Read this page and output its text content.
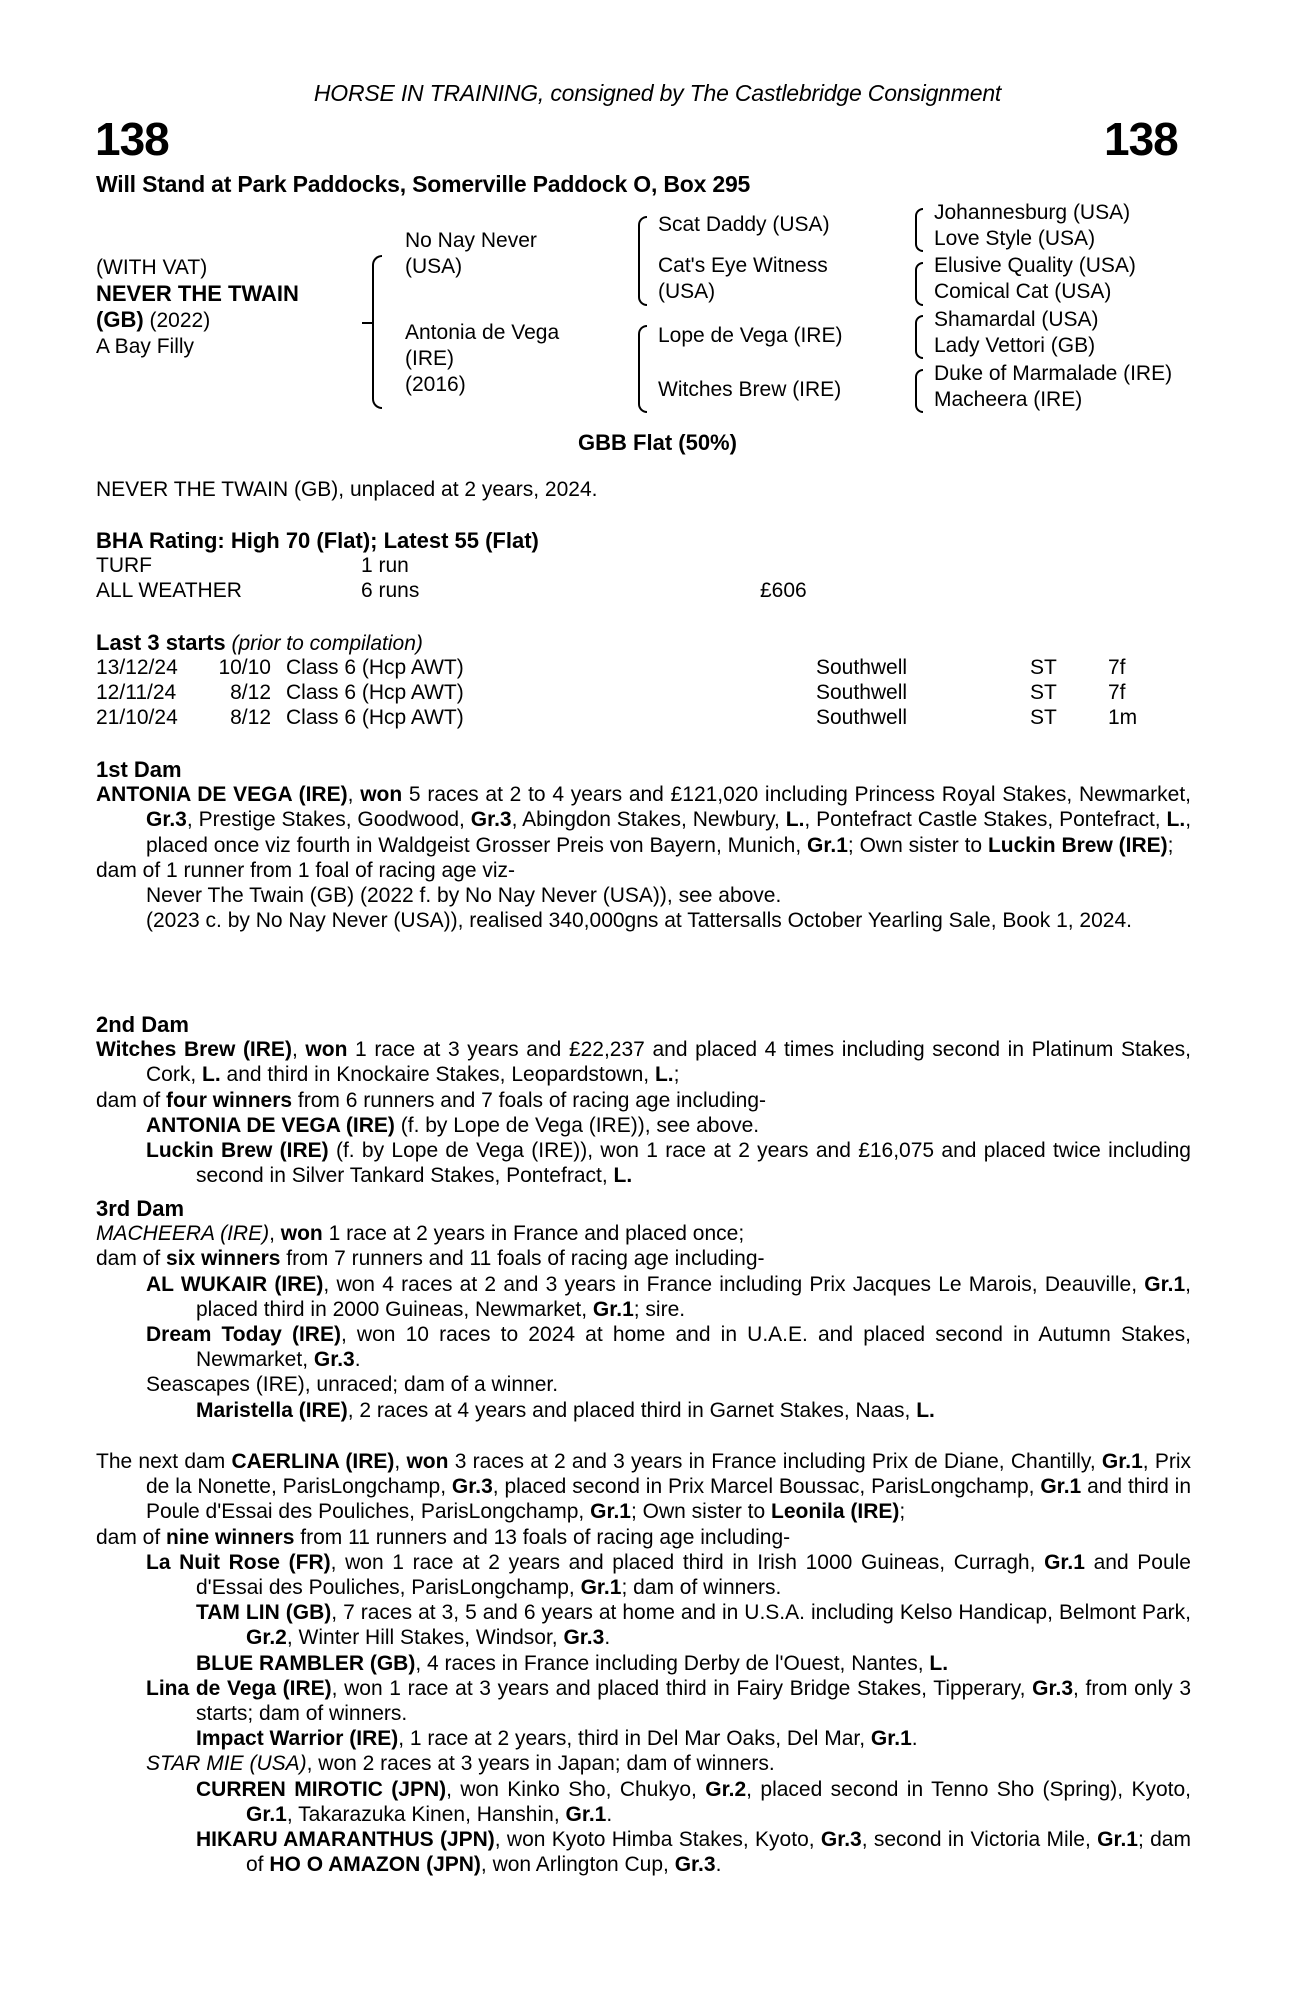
HORSE IN TRAINING, consigned by The Castlebridge Consignment
138	138
Will Stand at Park Paddocks, Somerville Paddock O, Box 295
(WITH VAT)
NEVER THE TWAIN
(GB) (2022)
A Bay Filly
No Nay Never
(USA)
Antonia de Vega
(IRE)
(2016)
Scat Daddy (USA)
Cat's Eye Witness
(USA)
Lope de Vega (IRE)
Witches Brew (IRE)
Johannesburg (USA)
Love Style (USA)
Elusive Quality (USA)
Comical Cat (USA)
Shamardal (USA)
Lady Vettori (GB)
Duke of Marmalade (IRE)
Macheera (IRE)
GBB Flat (50%)
NEVER THE TWAIN (GB), unplaced at 2 years, 2024.
BHA Rating: High 70 (Flat); Latest 55 (Flat)
TURF	1 run
ALL WEATHER	6 runs	£606
Last 3 starts (prior to compilation)
13/12/24	10/10 Class 6 (Hcp AWT)	Southwell	ST 7f
12/11/24	8/12 Class 6 (Hcp AWT)	Southwell	ST 7f
21/10/24	8/12 Class 6 (Hcp AWT)	Southwell	ST 1m
1st Dam

ANTONIA DE VEGA (IRE), won 5 races at 2 to 4 years and £121,020 including Princess Royal Stakes, Newmarket, Gr.3, Prestige Stakes, Goodwood, Gr.3, Abingdon Stakes, Newbury, L., Pontefract Castle Stakes, Pontefract, L., placed once viz fourth in Waldgeist Grosser Preis von Bayern, Munich, Gr.1; Own sister to Luckin Brew (IRE);

dam of 1 runner from 1 foal of racing age viz-

Never The Twain (GB) (2022 f. by No Nay Never (USA)), see above.

(2023 c. by No Nay Never (USA)), realised 340,000gns at Tattersalls October Yearling Sale, Book 1, 2024.

2nd Dam

Witches Brew (IRE), won 1 race at 3 years and £22,237 and placed 4 times including second in Platinum Stakes, Cork, L. and third in Knockaire Stakes, Leopardstown, L.;

dam of four winners from 6 runners and 7 foals of racing age including-

ANTONIA DE VEGA (IRE) (f. by Lope de Vega (IRE)), see above.

Luckin Brew (IRE) (f. by Lope de Vega (IRE)), won 1 race at 2 years and £16,075 and placed twice including second in Silver Tankard Stakes, Pontefract, L.

3rd Dam

MACHEERA (IRE), won 1 race at 2 years in France and placed once;

dam of six winners from 7 runners and 11 foals of racing age including-

AL WUKAIR (IRE), won 4 races at 2 and 3 years in France including Prix Jacques Le Marois, Deauville, Gr.1, placed third in 2000 Guineas, Newmarket, Gr.1; sire.

Dream Today (IRE), won 10 races to 2024 at home and in U.A.E. and placed second in Autumn Stakes, Newmarket, Gr.3.

Seascapes (IRE), unraced; dam of a winner.

Maristella (IRE), 2 races at 4 years and placed third in Garnet Stakes, Naas, L.

The next dam CAERLINA (IRE), won 3 races at 2 and 3 years in France including Prix de Diane, Chantilly, Gr.1, Prix de la Nonette, ParisLongchamp, Gr.3, placed second in Prix Marcel Boussac, ParisLongchamp, Gr.1 and third in Poule d'Essai des Pouliches, ParisLongchamp, Gr.1; Own sister to Leonila (IRE);

dam of nine winners from 11 runners and 13 foals of racing age including-

La Nuit Rose (FR), won 1 race at 2 years and placed third in Irish 1000 Guineas, Curragh, Gr.1 and Poule d'Essai des Pouliches, ParisLongchamp, Gr.1; dam of winners.

TAM LIN (GB), 7 races at 3, 5 and 6 years at home and in U.S.A. including Kelso Handicap, Belmont Park, Gr.2, Winter Hill Stakes, Windsor, Gr.3.

BLUE RAMBLER (GB), 4 races in France including Derby de l'Ouest, Nantes, L.

Lina de Vega (IRE), won 1 race at 3 years and placed third in Fairy Bridge Stakes, Tipperary, Gr.3, from only 3 starts; dam of winners.

Impact Warrior (IRE), 1 race at 2 years, third in Del Mar Oaks, Del Mar, Gr.1.

STAR MIE (USA), won 2 races at 3 years in Japan; dam of winners.

CURREN MIROTIC (JPN), won Kinko Sho, Chukyo, Gr.2, placed second in Tenno Sho (Spring), Kyoto, Gr.1, Takarazuka Kinen, Hanshin, Gr.1.

HIKARU AMARANTHUS (JPN), won Kyoto Himba Stakes, Kyoto, Gr.3, second in Victoria Mile, Gr.1; dam of HO O AMAZON (JPN), won Arlington Cup, Gr.3.
